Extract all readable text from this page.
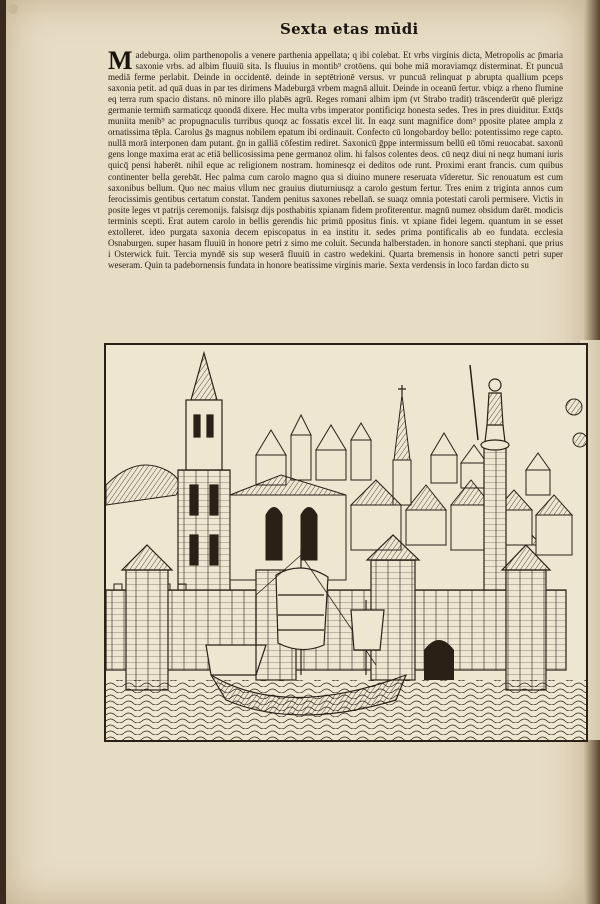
Sexta etas mūdi

M adeburga. olim parthenopolis a venere parthenia appellata; q ibi colebat. Et vrbs virgínis dicta, Metropolis ac p̄maria saxonie vrbs. ad albim fluuiū sita. Is fluuius in montib⁹ crotōens. qui bohe miā moraviamqz disterminat. Et puncuā mediā ferme perlabit. Deinde in occidentē. deinde in septētrionē versus. vr puncuā relinquat p abrupta quallium pceps saxonia petit. ad quā duas in par tes dirimens Madeburgā vrbem magnā alluit. Deinde in oceanū fertur. vbiqz a rheno flumine eq terra rum spacio distans. nō minore illo plabēs agrū. Reges romani albim ipm (vt Strabo tradit) trāscenderūt quē plerigz germanie termim̄ sarmaticqz quondā dixere. Hec multa vrbs imperator pontificiqz honesta sedes. Tres in pres diuiditur. Extq̄s muniita menib⁹ ac propugnaculis turribus quoqz ac fossatis excel lit. In eaqz sunt magnifice dom⁹ pposite platee ampla z ornatissima tēpla. Carolus ḡs magnus nobilem epatum ibi ordinauit. Confecto cū longobardoy bello: potentissimo rege capto. nullā morā interponen dam putant. ḡn in galliā cōfestim rediret. Saxonicū ḡppe intermissum bellū eū tōmi reuocabat. saxonū gens longe maxima erat ac etiā bellicosissima pene germanoz olim. hi falsos colentes deos. cū neqz diui ni neqz humani iuris quicq̄ pensi haberēt. nihil eque ac religionem nostram. hominesqz ei deditos ode runt. Proximi erant francis. cum quibus continenter bella gerebāt. Hec palma cum carolo magno qua si diuino munere reseruata vīderetur. Sic renouatum est cum saxonibus bellum. Quo nec maius vllum nec grauius diuturniusqz a carolo gestum fertur. Tres enim z triginta annos cum ferocissimis gentibus certatum constat. Tandem penitus saxones rebellan̄. se suaqz omnia potestati caroli permisere. Victis in posite leges vt patrijs ceremonijs. falsisqz dijs posthabitis xpianam fidem profiterentur. magnū numez obsidum darēt. modicis terminis scepti. Erat autem carolo in bellis gerendis hic primū ppositus finis. vt xpiane fidei legem. quantum in se esset extolleret. ideo purgata saxonia decem episcopatus in ea institu it. sedes prima pontificalis ab eo fundata. ecclesia Osnaburgen. super hasam fluuiū in honore petri z simo me coluit. Secunda halberstaden. in honore sancti stephani. que prius i Osterwick fuit. Tercia myndē sis sup weserā fluuiū in castro wedekini. Quarta bremensis in honore sancti petri super weseram. Quin ta padebornensis fundata in honore beatissime virginis marie. Sexta verdensis in loco fardan dicto su
